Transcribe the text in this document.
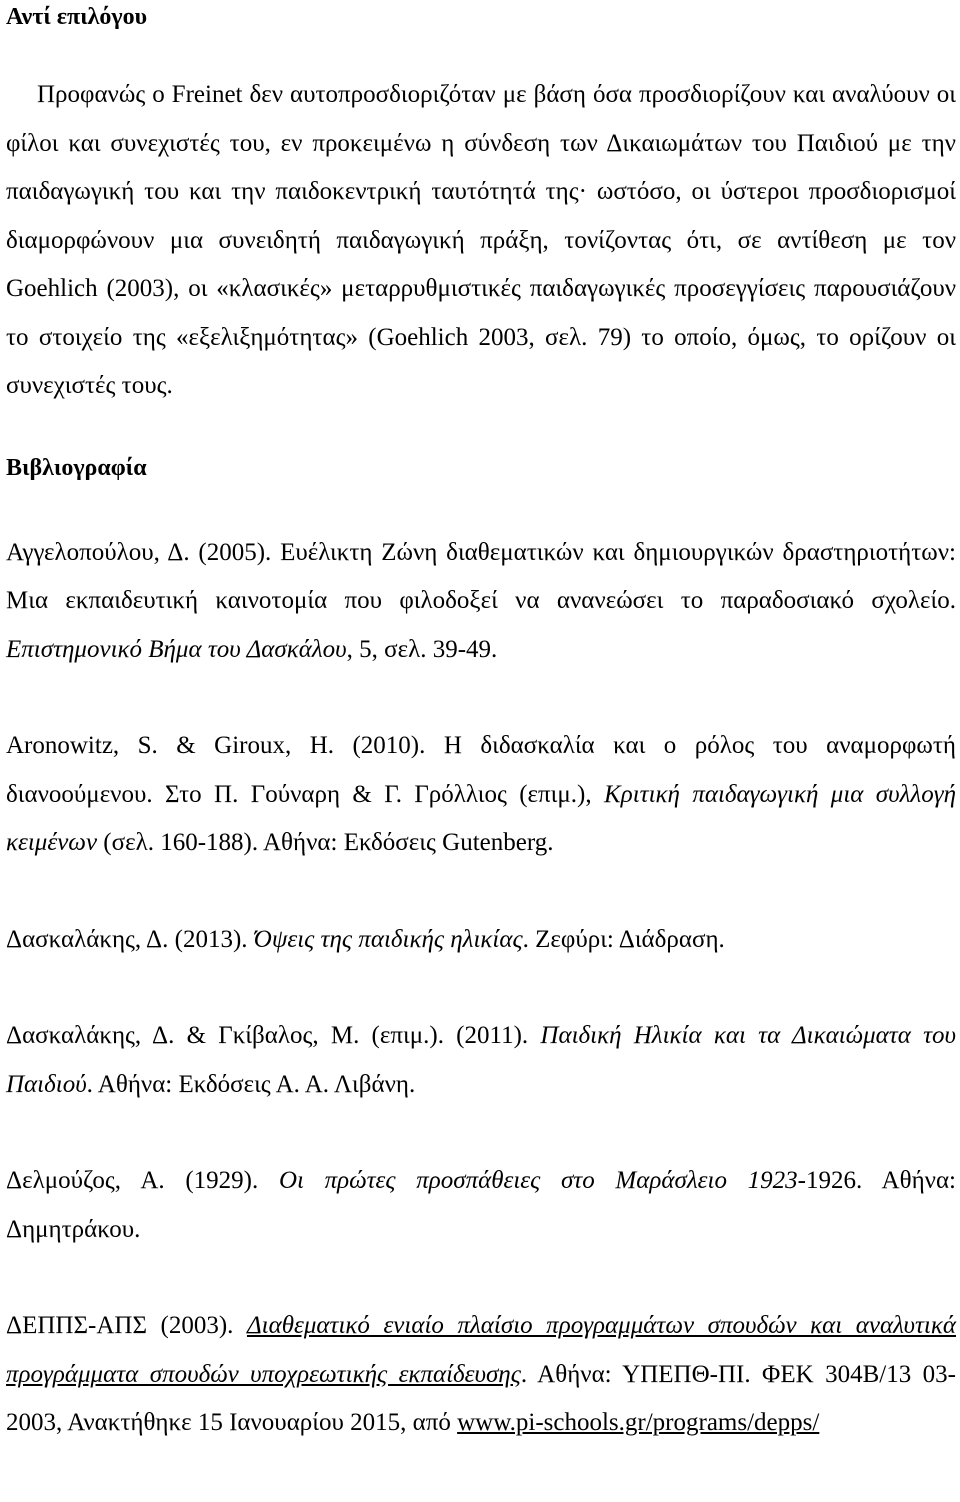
Αντί επιλόγου

Προφανώς ο Freinet δεν αυτοπροσδιοριζόταν με βάση όσα προσδιορίζουν και αναλύουν οι φίλοι και συνεχιστές του, εν προκειμένω η σύνδεση των Δικαιωμάτων του Παιδιού με την παιδαγωγική του και την παιδοκεντρική ταυτότητά της· ωστόσο, οι ύστεροι προσδιορισμοί διαμορφώνουν μια συνειδητή παιδαγωγική πράξη, τονίζοντας ότι, σε αντίθεση με τον Goehlich (2003), οι «κλασικές» μεταρρυθμιστικές παιδαγωγικές προσεγγίσεις παρουσιάζουν το στοιχείο της «εξελιξημότητας» (Goehlich 2003, σελ. 79) το οποίο, όμως, το ορίζουν οι συνεχιστές τους.

Βιβλιογραφία

Αγγελοπούλου, Δ. (2005). Ευέλικτη Ζώνη διαθεματικών και δημιουργικών δραστηριοτήτων: Μια εκπαιδευτική καινοτομία που φιλοδοξεί να ανανεώσει το παραδοσιακό σχολείο. Επιστημονικό Βήμα του Δασκάλου, 5, σελ. 39-49.

Aronowitz, S. & Giroux, H. (2010). Η διδασκαλία και ο ρόλος του αναμορφωτή διανοούμενου. Στο Π. Γούναρη & Γ. Γρόλλιος (επιμ.), Κριτική παιδαγωγική μια συλλογή κειμένων (σελ. 160-188). Αθήνα: Εκδόσεις Gutenberg.

Δασκαλάκης, Δ. (2013). Όψεις της παιδικής ηλικίας. Ζεφύρι: Διάδραση.

Δασκαλάκης, Δ. & Γκίβαλος, Μ. (επιμ.). (2011). Παιδική Ηλικία και τα Δικαιώματα του Παιδιού. Αθήνα: Εκδόσεις Α. Α. Λιβάνη.

Δελμούζος, Α. (1929). Οι πρώτες προσπάθειες στο Μαράσλειο 1923-1926. Αθήνα: Δημητράκου.

ΔΕΠΠΣ-ΑΠΣ (2003). Διαθεματικό ενιαίο πλαίσιο προγραμμάτων σπουδών και αναλυτικά προγράμματα σπουδών υποχρεωτικής εκπαίδευσης. Αθήνα: ΥΠΕΠΘ-ΠΙ. ΦΕΚ 304Β/13 03-2003, Ανακτήθηκε 15 Ιανουαρίου 2015, από www.pi-schools.gr/programs/depps/
